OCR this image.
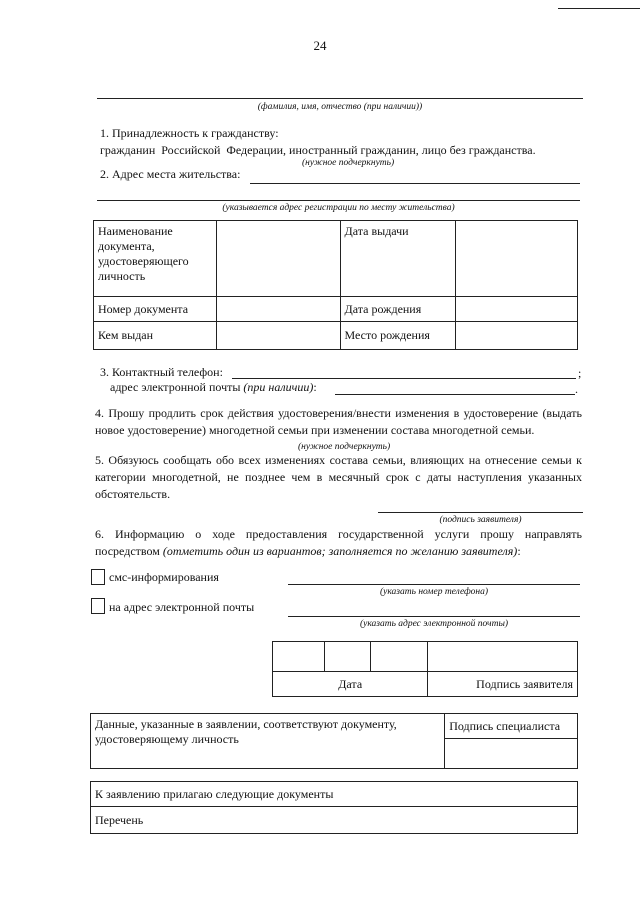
24
(фамилия, имя, отчество (при наличии))
1. Принадлежность к гражданству:
гражданин  Российской  Федерации, иностранный гражданин, лицо без гражданства.
(нужное подчеркнуть)
2. Адрес места жительства:
(указывается адрес регистрации по месту жительства)
Наименование документа, удостоверяющего личность		Дата выдачи	
Номер документа		Дата рождения	
Кем выдан		Место рождения	
3. Контактный телефон:	;
адрес электронной почты (при наличии):	.
4. Прошу продлить срок действия удостоверения/внести изменения в удостоверение (выдать новое удостоверение) многодетной семьи при изменении состава многодетной семьи.
(нужное подчеркнуть)
5. Обязуюсь сообщать обо всех изменениях состава семьи, влияющих на отнесение семьи к категории многодетной, не позднее чем в месячный срок с даты наступления указанных обстоятельств.
(подпись заявителя)
6. Информацию о ходе предоставления государственной услуги прошу направлять посредством (отметить один из вариантов; заполняется по желанию заявителя):
смс-информирования
(указать номер телефона)
на адрес электронной почты
(указать адрес электронной почты)

Дата			Подпись заявителя
Данные, указанные в заявлении, соответствуют документу, удостоверяющему личность	Подпись специалиста

К заявлению прилагаю следующие документы
Перечень
